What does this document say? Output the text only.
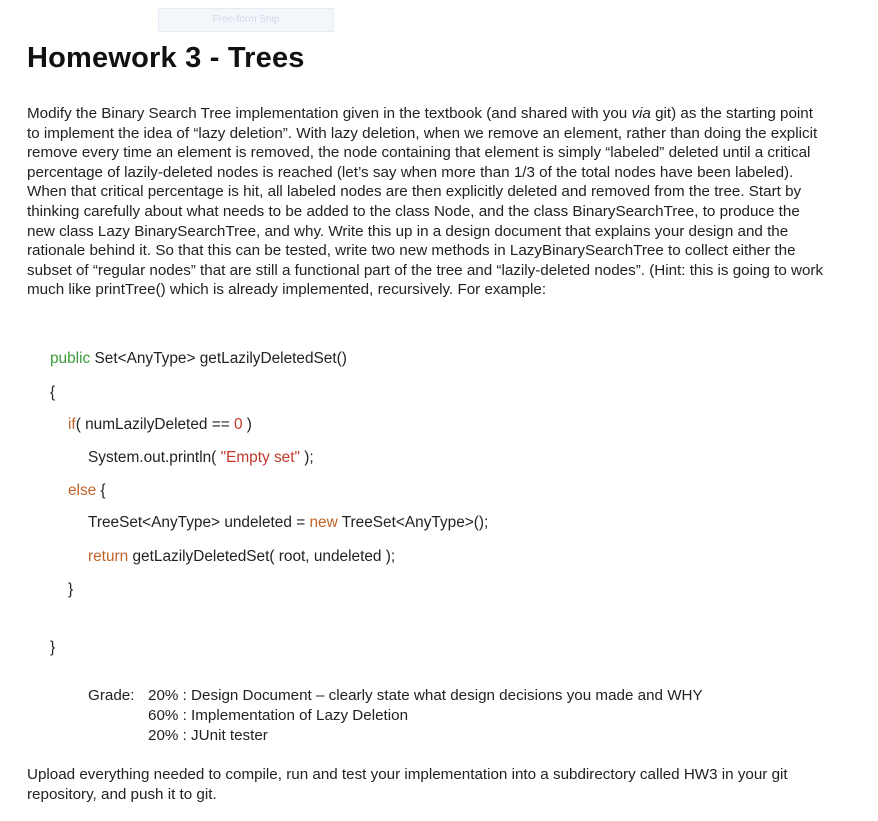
Free-form Snip
Homework 3 - Trees

Modify the Binary Search Tree implementation given in the textbook (and shared with you via git) as the starting point to implement the idea of “lazy deletion”. With lazy deletion, when we remove an element, rather than doing the explicit remove every time an element is removed, the node containing that element is simply “labeled” deleted until a critical percentage of lazily-deleted nodes is reached (let’s say when more than 1/3 of the total nodes have been labeled). When that critical percentage is hit, all labeled nodes are then explicitly deleted and removed from the tree. Start by thinking carefully about what needs to be added to the class Node, and the class BinarySearchTree, to produce the new class Lazy BinarySearchTree, and why. Write this up in a design document that explains your design and the rationale behind it. So that this can be tested, write two new methods in LazyBinarySearchTree to collect either the subset of “regular nodes” that are still a functional part of the tree and “lazily-deleted nodes”. (Hint: this is going to work much like printTree() which is already implemented, recursively. For example:

public Set<AnyType> getLazilyDeletedSet()
{
if( numLazilyDeleted == 0 )
System.out.println( "Empty set" );
else {
TreeSet<AnyType> undeleted = new TreeSet<AnyType>();
return getLazilyDeletedSet( root, undeleted );
}
}
Grade: 20% : Design Document – clearly state what design decisions you made and WHY
60% : Implementation of Lazy Deletion
20% : JUnit tester

Upload everything needed to compile, run and test your implementation into a subdirectory called HW3 in your git repository, and push it to git.
